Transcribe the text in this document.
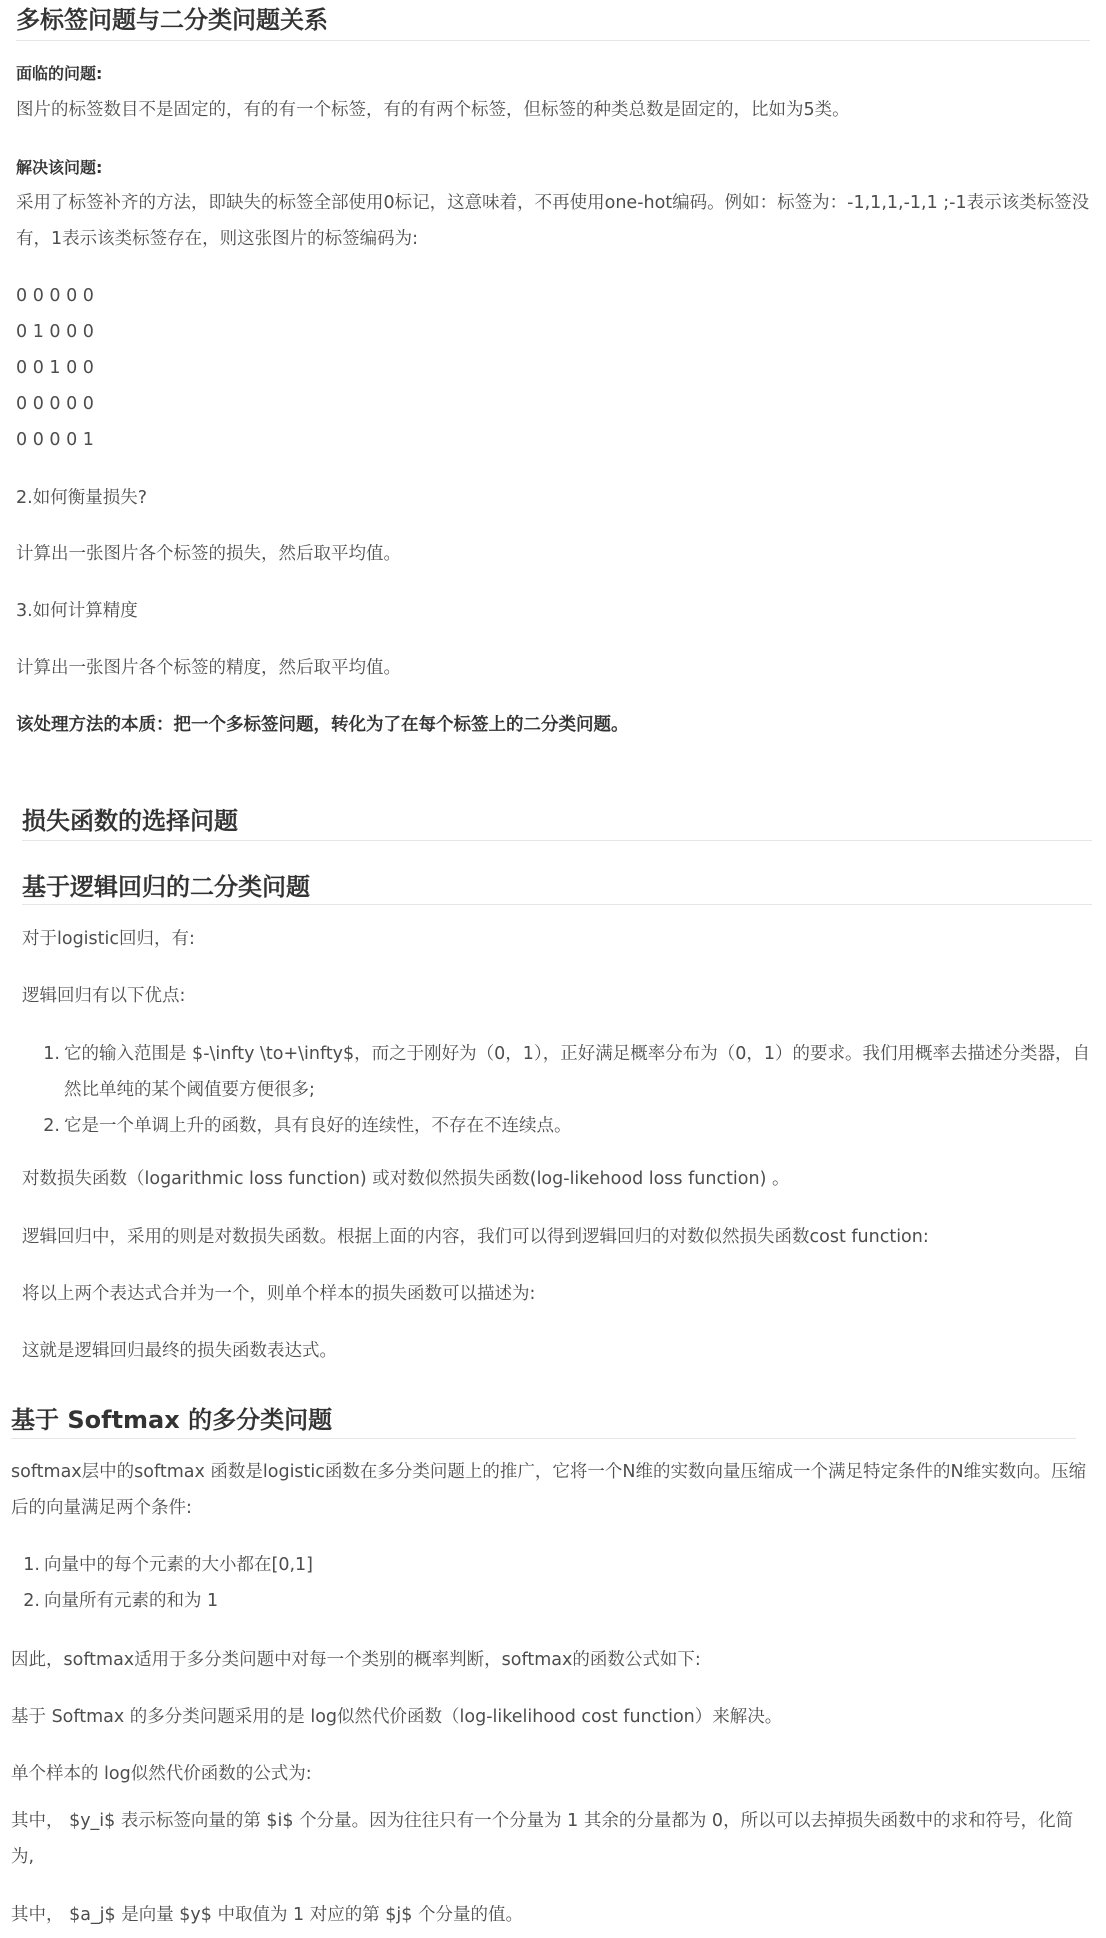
多标签问题与二分类问题关系
面临的问题:
图片的标签数目不是固定的，有的有一个标签，有的有两个标签，但标签的种类总数是固定的，比如为5类。
解决该问题:
采用了标签补齐的方法，即缺失的标签全部使用0标记，这意味着，不再使用one-hot编码。例如：标签为：-1,1,1,-1,1 ;-1表示该类标签没有，1表示该类标签存在，则这张图片的标签编码为:
0 0 0 0 0
0 1 0 0 0
0 0 1 0 0
0 0 0 0 0
0 0 0 0 1
2.如何衡量损失?
计算出一张图片各个标签的损失，然后取平均值。
3.如何计算精度
计算出一张图片各个标签的精度，然后取平均值。
该处理方法的本质：把一个多标签问题，转化为了在每个标签上的二分类问题。
损失函数的选择问题
基于逻辑回归的二分类问题
对于logistic回归，有:
逻辑回归有以下优点:
1. 它的输入范围是 $-\infty \to+\infty$，而之于刚好为（0，1），正好满足概率分布为（0，1）的要求。我们用概率去描述分类器，自然比单纯的某个阈值要方便很多;
2. 它是一个单调上升的函数，具有良好的连续性，不存在不连续点。
对数损失函数（logarithmic loss function) 或对数似然损失函数(log-likehood loss function) 。
逻辑回归中，采用的则是对数损失函数。根据上面的内容，我们可以得到逻辑回归的对数似然损失函数cost function:
将以上两个表达式合并为一个，则单个样本的损失函数可以描述为:
这就是逻辑回归最终的损失函数表达式。
基于 Softmax 的多分类问题
softmax层中的softmax 函数是logistic函数在多分类问题上的推广，它将一个N维的实数向量压缩成一个满足特定条件的N维实数向。压缩后的向量满足两个条件:
1. 向量中的每个元素的大小都在[0,1]
2. 向量所有元素的和为 1
因此，softmax适用于多分类问题中对每一个类别的概率判断，softmax的函数公式如下:
基于 Softmax 的多分类问题采用的是 log似然代价函数（log-likelihood cost function）来解决。
单个样本的 log似然代价函数的公式为:
其中， $y_i$ 表示标签向量的第 $i$ 个分量。因为往往只有一个分量为 1 其余的分量都为 0，所以可以去掉损失函数中的求和符号，化简为,
其中， $a_j$ 是向量 $y$ 中取值为 1 对应的第 $j$ 个分量的值。
